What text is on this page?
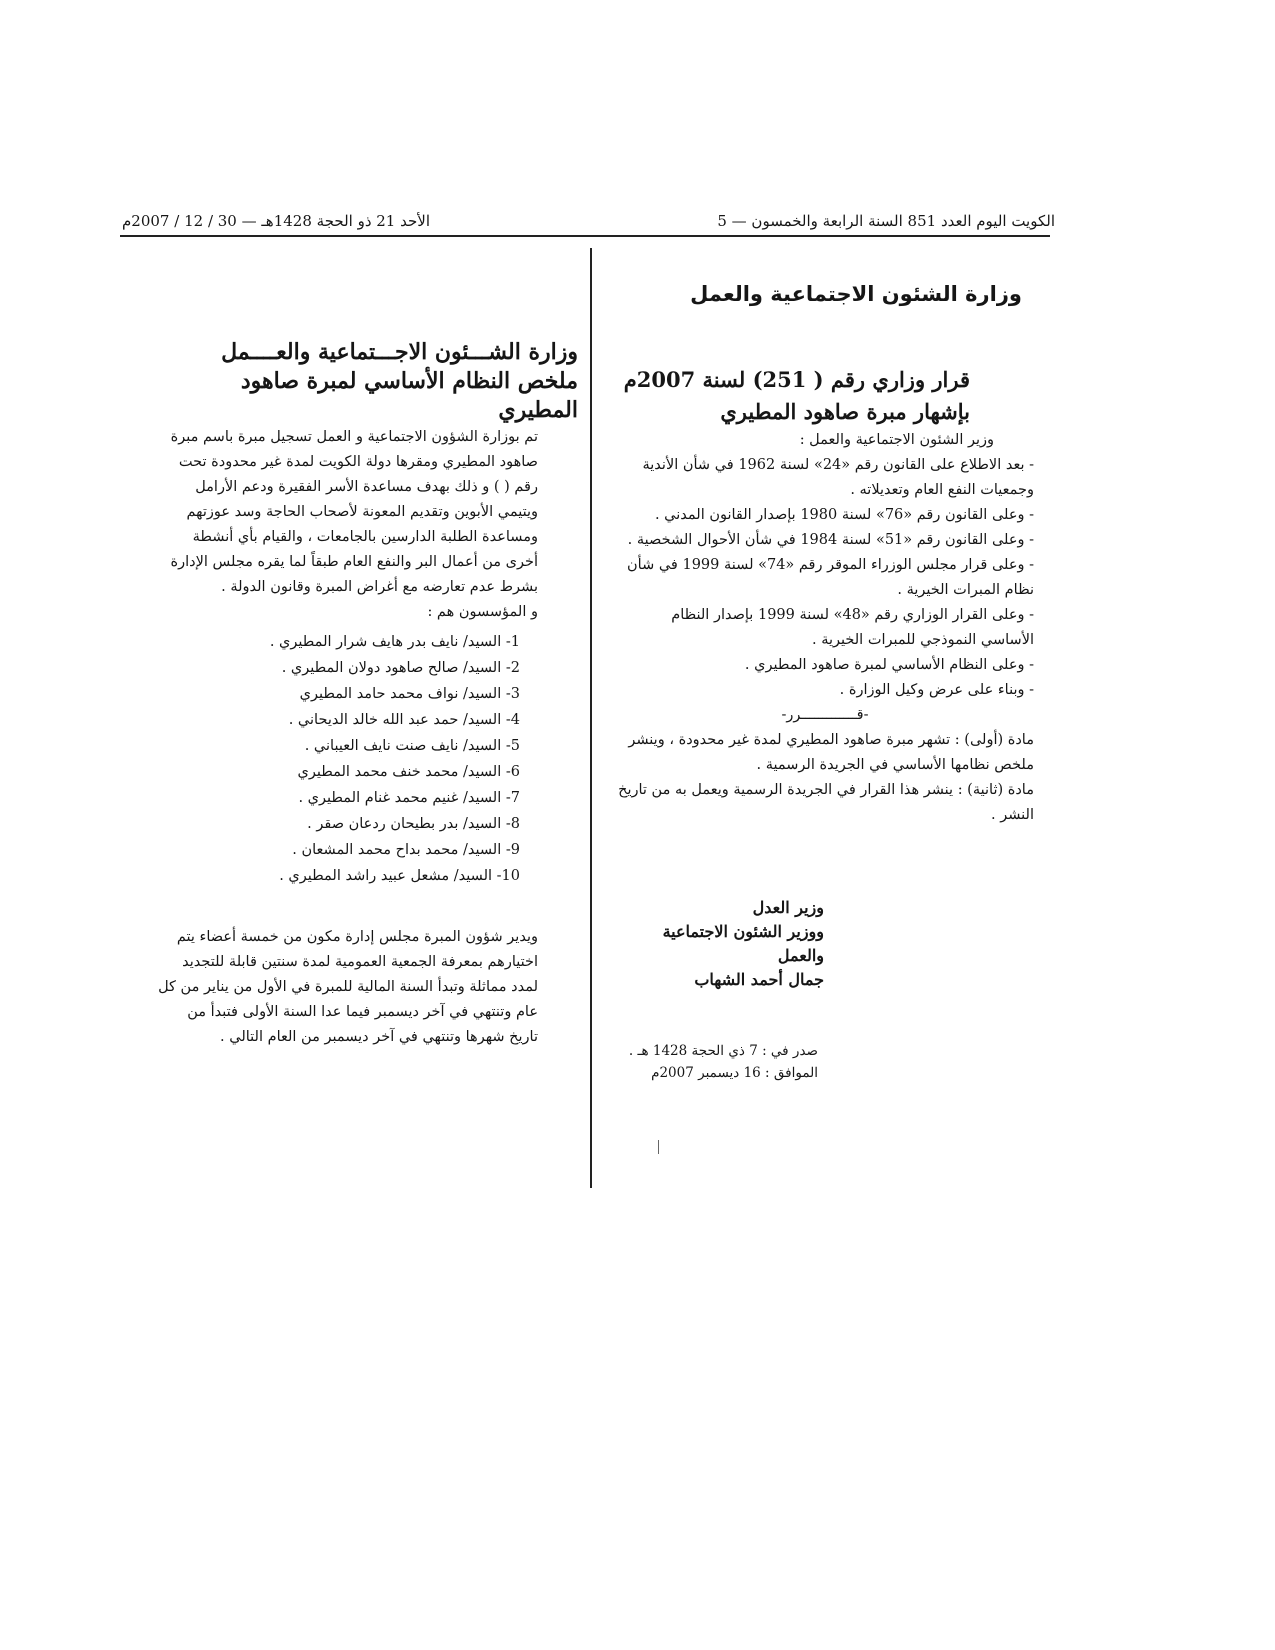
الكويت اليوم العدد 851 السنة الرابعة والخمسون — 5
الأحد 21 ذو الحجة 1428هـ — 30 / 12 / 2007م
وزارة الشئون الاجتماعية والعمل
قرار وزاري رقم ( 251) لسنة 2007م
بإشهار مبرة صاهود المطيري

وزير الشئون الاجتماعية والعمل :

- بعد الاطلاع على القانون رقم «24» لسنة 1962 في شأن الأندية وجمعيات النفع العام وتعديلاته .

- وعلى القانون رقم «76» لسنة 1980 بإصدار القانون المدني .

- وعلى القانون رقم «51» لسنة 1984 في شأن الأحوال الشخصية .

- وعلى قرار مجلس الوزراء الموقر رقم «74» لسنة 1999 في شأن نظام المبرات الخيرية .

- وعلى القرار الوزاري رقم «48» لسنة 1999 بإصدار النظام الأساسي النموذجي للمبرات الخيرية .

- وعلى النظام الأساسي لمبرة صاهود المطيري .

- وبناء على عرض وكيل الوزارة .

-قـــــــــــــرر-

مادة (أولى) : تشهر مبرة صاهود المطيري لمدة غير محدودة ، وينشر ملخص نظامها الأساسي في الجريدة الرسمية .

مادة (ثانية) : ينشر هذا القرار في الجريدة الرسمية ويعمل به من تاريخ النشر .

وزير العدل
ووزير الشئون الاجتماعية والعمل
جمال أحمد الشهاب
صدر في : 7 ذي الحجة 1428 هـ .
الموافق : 16 ديسمبر 2007م
وزارة الشـــئون الاجـــتماعية والعــــمل
ملخص النظام الأساسي لمبرة صاهود المطيري

تم بوزارة الشؤون الاجتماعية و العمل تسجيل مبرة باسم مبرة صاهود المطيري ومقرها دولة الكويت لمدة غير محدودة تحت رقم ( ) و ذلك بهدف مساعدة الأسر الفقيرة ودعم الأرامل ويتيمي الأبوين وتقديم المعونة لأصحاب الحاجة وسد عوزتهم ومساعدة الطلبة الدارسين بالجامعات ، والقيام بأي أنشطة أخرى من أعمال البر والنفع العام طبقاً لما يقره مجلس الإدارة بشرط عدم تعارضه مع أغراض المبرة وقانون الدولة .

و المؤسسون هم :

1- السيد/ نايف بدر هايف شرار المطيري .
2- السيد/ صالح صاهود دولان المطيري .
3- السيد/ نواف محمد حامد المطيري
4- السيد/ حمد عبد الله خالد الديحاني .
5- السيد/ نايف صنت نايف العيباني .
6- السيد/ محمد خنف محمد المطيري
7- السيد/ غنيم محمد غنام المطيري .
8- السيد/ بدر بطيحان ردعان صقر .
9- السيد/ محمد بداح محمد المشعان .
10- السيد/ مشعل عبيد راشد المطيري .

ويدير شؤون المبرة مجلس إدارة مكون من خمسة أعضاء يتم اختيارهم بمعرفة الجمعية العمومية لمدة سنتين قابلة للتجديد لمدد مماثلة وتبدأ السنة المالية للمبرة في الأول من يناير من كل عام وتنتهي في آخر ديسمبر فيما عدا السنة الأولى فتبدأ من تاريخ شهرها وتنتهي في آخر ديسمبر من العام التالي .
